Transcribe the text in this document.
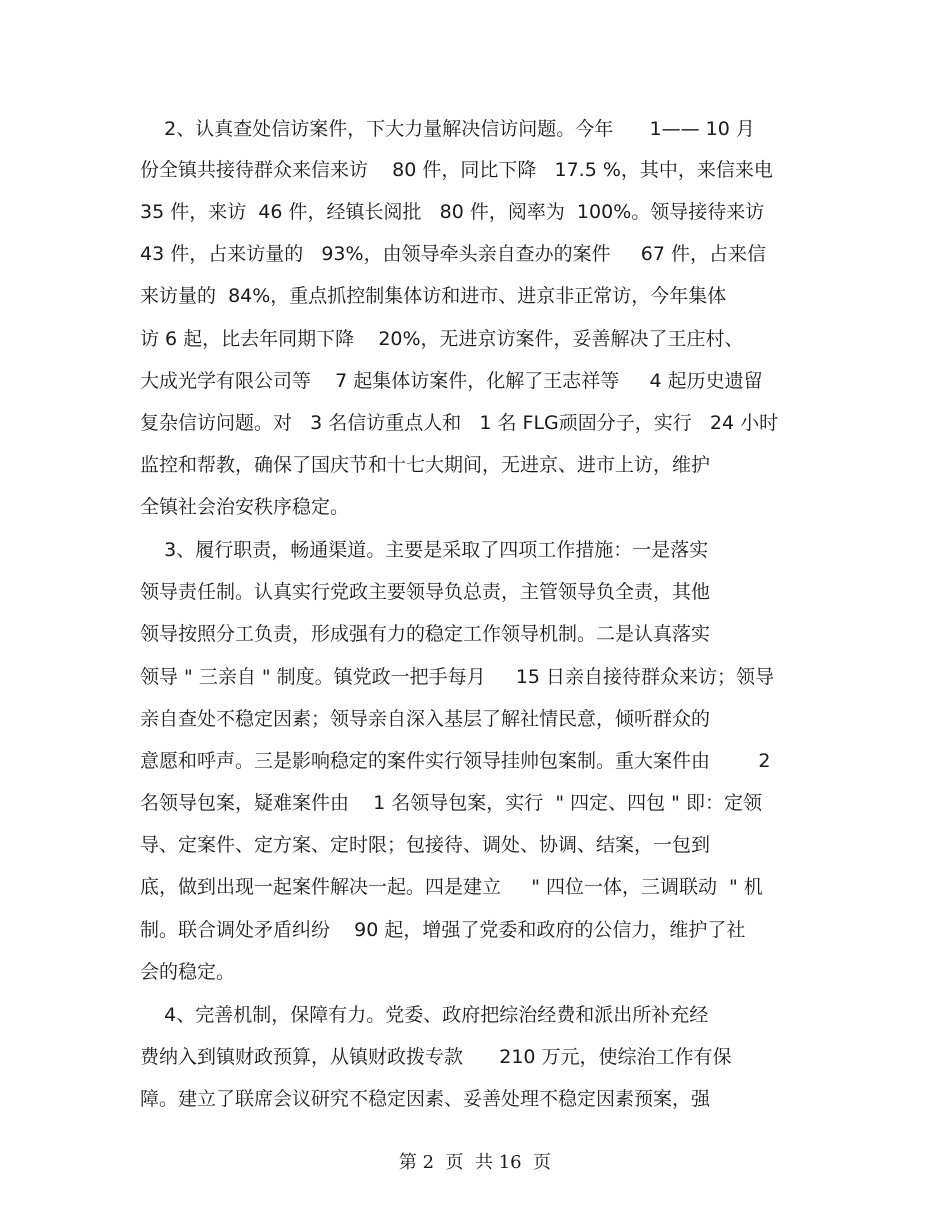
2、认真查处信访案件，下大力量解决信访问题。今年      1—— 10 月
份全镇共接待群众来信来访    80 件，同比下降   17.5 %，其中，来信来电
35 件，来访  46 件，经镇长阅批   80 件，阅率为  100%。领导接待来访
43 件，占来访量的   93%，由领导牵头亲自查办的案件     67 件，占来信
来访量的  84%，重点抓控制集体访和进市、进京非正常访，今年集体
访 6 起，比去年同期下降    20%，无进京访案件，妥善解决了王庄村、
大成光学有限公司等    7 起集体访案件，化解了王志祥等     4 起历史遗留
复杂信访问题。对   3 名信访重点人和   1 名 FLG顽固分子，实行   24 小时
监控和帮教，确保了国庆节和十七大期间，无进京、进市上访，维护
全镇社会治安秩序稳定。
3、履行职责，畅通渠道。主要是采取了四项工作措施：一是落实
领导责任制。认真实行党政主要领导负总责，主管领导负全责，其他
领导按照分工负责，形成强有力的稳定工作领导机制。二是认真落实
领导 " 三亲自 " 制度。镇党政一把手每月     15 日亲自接待群众来访；领导
亲自查处不稳定因素；领导亲自深入基层了解社情民意，倾听群众的
意愿和呼声。三是影响稳定的案件实行领导挂帅包案制。重大案件由        2
名领导包案，疑难案件由    1 名领导包案，实行  " 四定、四包 " 即：定领
导、定案件、定方案、定时限；包接待、调处、协调、结案，一包到
底，做到出现一起案件解决一起。四是建立     " 四位一体，三调联动  " 机
制。联合调处矛盾纠纷    90 起，增强了党委和政府的公信力，维护了社
会的稳定。
4、完善机制，保障有力。党委、政府把综治经费和派出所补充经
费纳入到镇财政预算，从镇财政拨专款      210 万元，使综治工作有保
障。建立了联席会议研究不稳定因素、妥善处理不稳定因素预案，强
第 2  页  共 16  页
